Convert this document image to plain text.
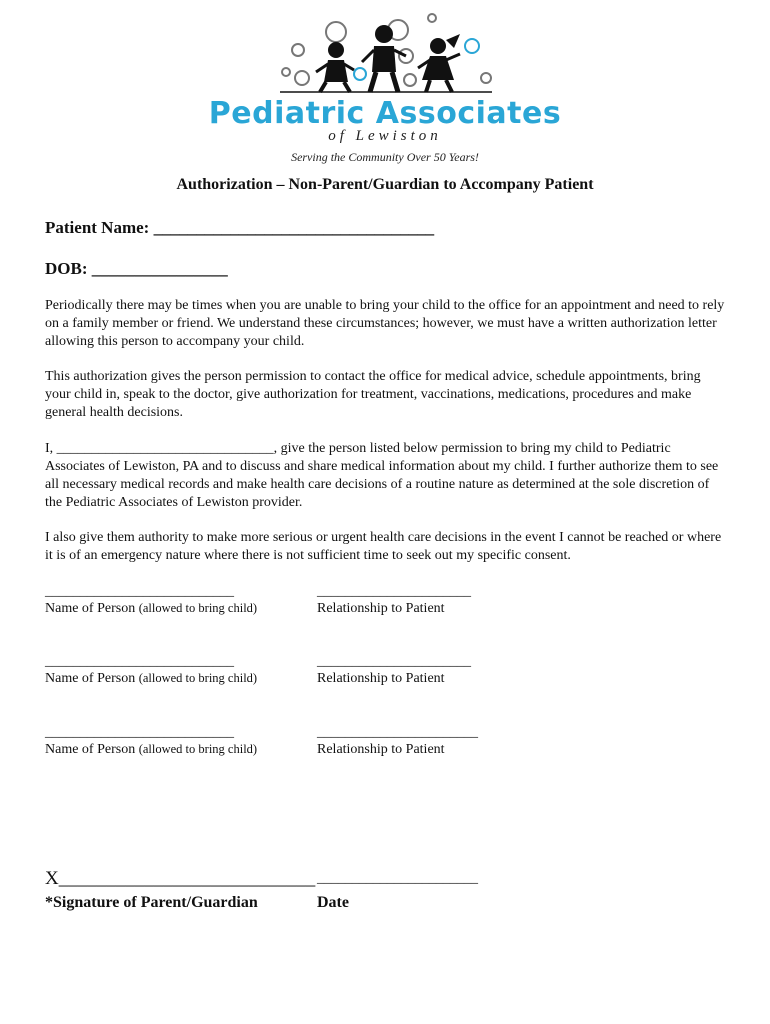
Pediatric Associates
of Lewiston
Serving the Community Over 50 Years!
Authorization – Non-Parent/Guardian to Accompany Patient
Patient Name: _________________________________
DOB: ________________
Periodically there may be times when you are unable to bring your child to the office for an appointment and need to rely on a family member or friend. We understand these circumstances; however, we must have a written authorization letter allowing this person to accompany your child.
This authorization gives the person permission to contact the office for medical advice, schedule appointments, bring your child in, speak to the doctor, give authorization for treatment, vaccinations, medications, procedures and make general health decisions.
I, _______________________________, give the person listed below permission to bring my child to Pediatric Associates of Lewiston, PA and to discuss and share medical information about my child. I further authorize them to see all necessary medical records and make health care decisions of a routine nature as determined at the sole discretion of the Pediatric Associates of Lewiston provider.
I also give them authority to make more serious or urgent health care decisions in the event I cannot be reached or where it is of an emergency nature where there is not sufficient time to seek out my specific consent.
___________________________	______________________
Name of Person (allowed to bring child)	Relationship to Patient
___________________________	______________________
Name of Person (allowed to bring child)	Relationship to Patient
___________________________	_______________________
Name of Person (allowed to bring child)	Relationship to Patient
X___________________________ _______________________
*Signature of Parent/Guardian	Date
